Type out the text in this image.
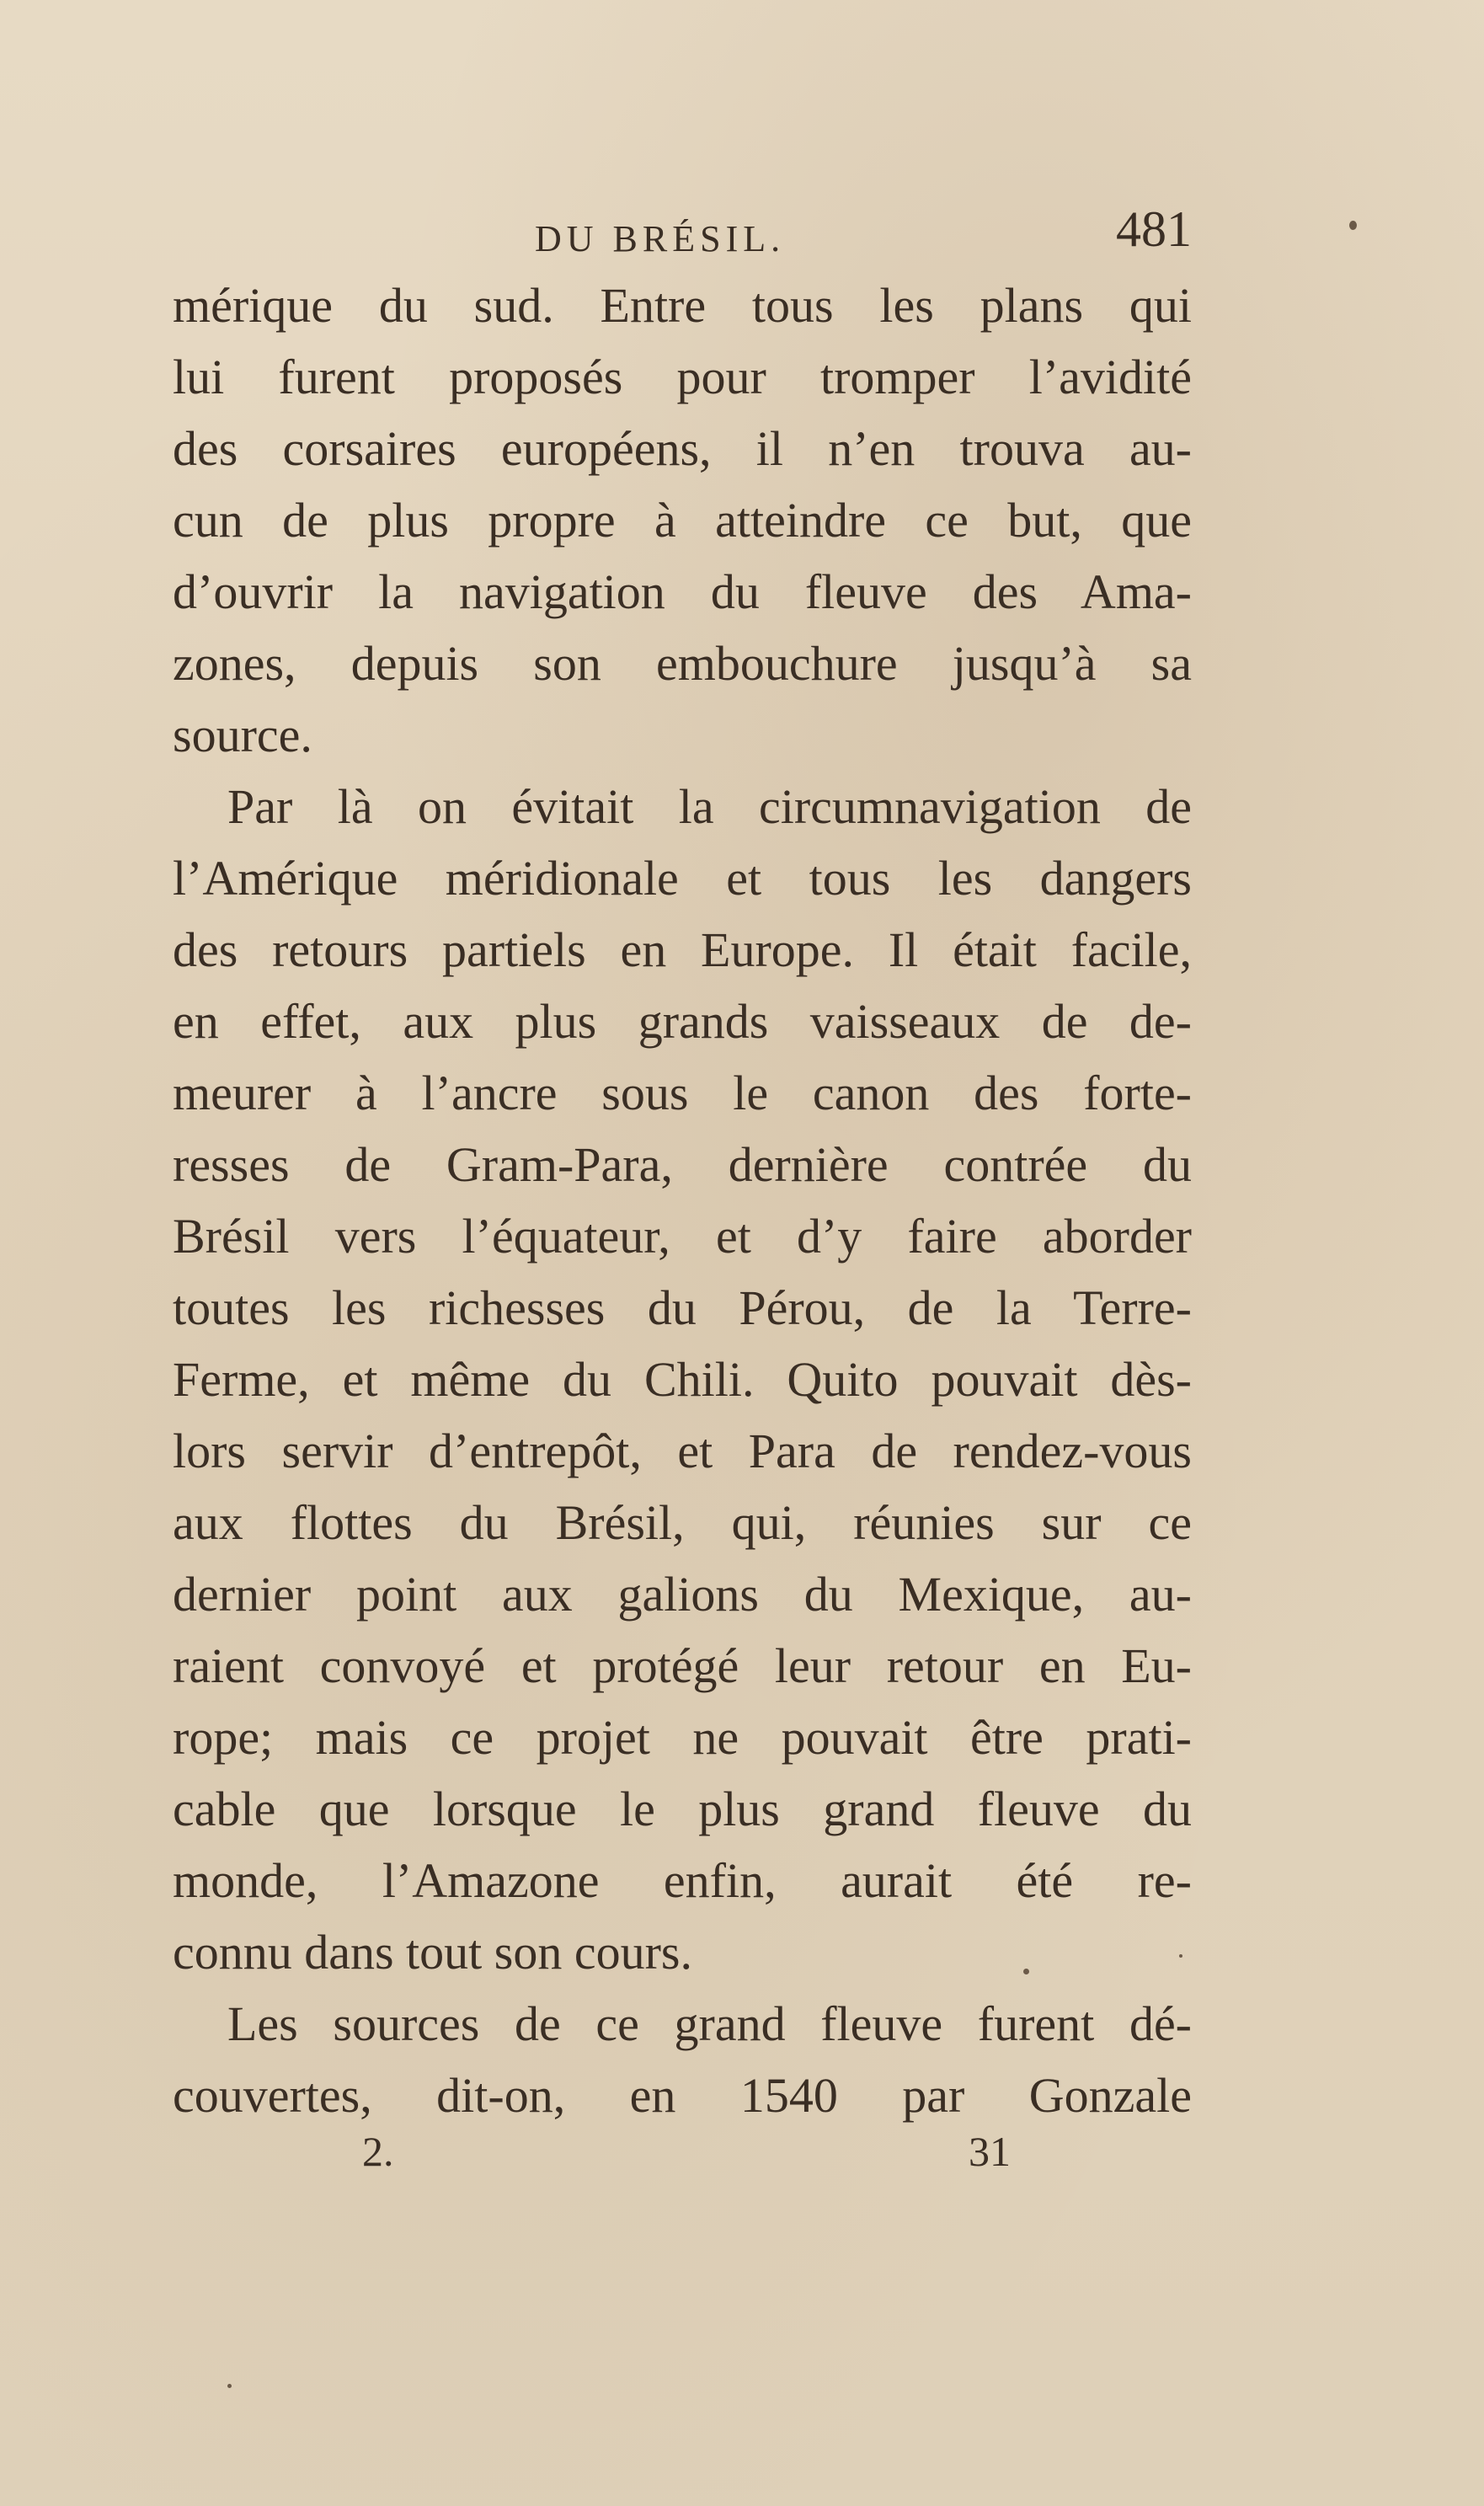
DU BRÉSIL.	481
mérique du sud. Entre tous les plans qui
lui furent proposés pour tromper l’avidité
des corsaires européens, il n’en trouva au-
cun de plus propre à atteindre ce but, que
d’ouvrir la navigation du fleuve des Ama-
zones, depuis son embouchure jusqu’à sa
source.
Par là on évitait la circumnavigation de
l’Amérique méridionale et tous les dangers
des retours partiels en Europe. Il était facile,
en effet, aux plus grands vaisseaux de de-
meurer à l’ancre sous le canon des forte-
resses de Gram-Para, dernière contrée du
Brésil vers l’équateur, et d’y faire aborder
toutes les richesses du Pérou, de la Terre-
Ferme, et même du Chili. Quito pouvait dès-
lors servir d’entrepôt, et Para de rendez-vous
aux flottes du Brésil, qui, réunies sur ce
dernier point aux galions du Mexique, au-
raient convoyé et protégé leur retour en Eu-
rope; mais ce projet ne pouvait être prati-
cable que lorsque le plus grand fleuve du
monde, l’Amazone enfin, aurait été re-
connu dans tout son cours.
Les sources de ce grand fleuve furent dé-
couvertes, dit-on, en 1540 par Gonzale
2.	31
